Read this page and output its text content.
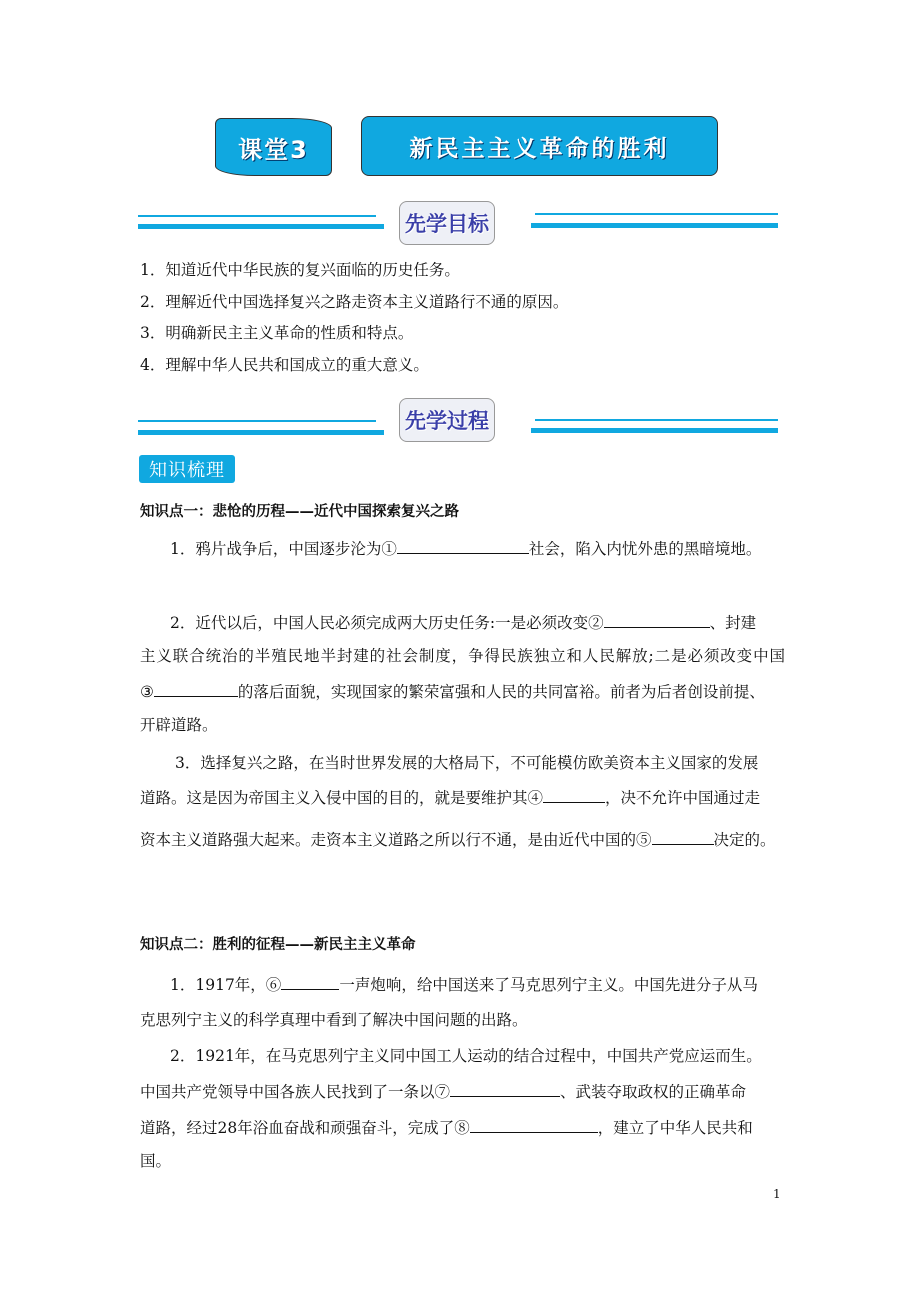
课堂3	新民主主义革命的胜利
先学目标
1．知道近代中华民族的复兴面临的历史任务。
2．理解近代中国选择复兴之路走资本主义道路行不通的原因。
3．明确新民主主义革命的性质和特点。
4．理解中华人民共和国成立的重大意义。
先学过程
知识梳理
知识点一：悲怆的历程——近代中国探索复兴之路
1．鸦片战争后，中国逐步沦为①	社会，陷入内忧外患的黑暗境地。
2．近代以后，中国人民必须完成两大历史任务:一是必须改变②	、封建
主义联合统治的半殖民地半封建的社会制度，争得民族独立和人民解放;二是必须改变中国
③	的落后面貌，实现国家的繁荣富强和人民的共同富裕。前者为后者创设前提、
开辟道路。
3．选择复兴之路，在当时世界发展的大格局下，不可能模仿欧美资本主义国家的发展
道路。这是因为帝国主义入侵中国的目的，就是要维护其④	，决不允许中国通过走
资本主义道路强大起来。走资本主义道路之所以行不通，是由近代中国的⑤	决定的。
知识点二：胜利的征程——新民主主义革命
1．1917年，⑥	一声炮响，给中国送来了马克思列宁主义。中国先进分子从马
克思列宁主义的科学真理中看到了解决中国问题的出路。
2．1921年，在马克思列宁主义同中国工人运动的结合过程中，中国共产党应运而生。
中国共产党领导中国各族人民找到了一条以⑦	、武装夺取政权的正确革命
道路，经过28年浴血奋战和顽强奋斗，完成了⑧	，建立了中华人民共和
国。
1
